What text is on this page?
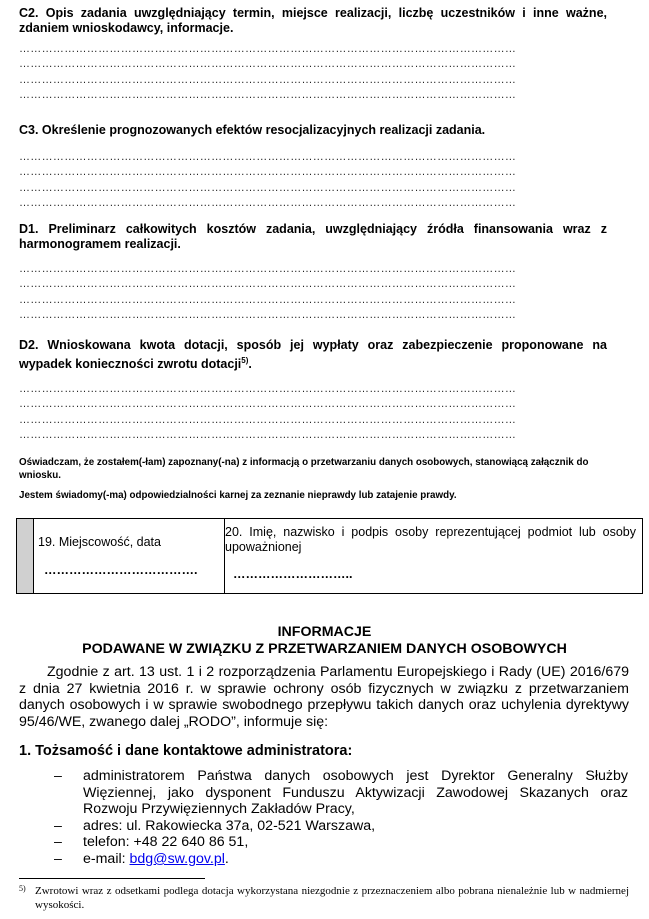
C2. Opis zadania uwzględniający termin, miejsce realizacji, liczbę uczestników i inne ważne, zdaniem wnioskodawcy, informacje.
……………………………………………………………………………………………………………………
……………………………………………………………………………………………………………………
……………………………………………………………………………………………………………………
……………………………………………………………………………………………………………………
C3. Określenie prognozowanych efektów resocjalizacyjnych realizacji zadania.
……………………………………………………………………………………………………………………
……………………………………………………………………………………………………………………
……………………………………………………………………………………………………………………
……………………………………………………………………………………………………………………
D1. Preliminarz całkowitych kosztów zadania, uwzględniający źródła finansowania wraz z harmonogramem realizacji.
……………………………………………………………………………………………………………………
……………………………………………………………………………………………………………………
……………………………………………………………………………………………………………………
……………………………………………………………………………………………………………………
D2. Wnioskowana kwota dotacji, sposób jej wypłaty oraz zabezpieczenie proponowane na wypadek konieczności zwrotu dotacji$^{5)}$.
……………………………………………………………………………………………………………………
……………………………………………………………………………………………………………………
……………………………………………………………………………………………………………………
……………………………………………………………………………………………………………………
Oświadczam, że zostałem(-łam) zapoznany(-na) z informacją o przetwarzaniu danych osobowych, stanowiącą załącznik do wniosku.
Jestem świadomy(-ma) odpowiedzialności karnej za zeznanie nieprawdy lub zatajenie prawdy.

19. Miejscowość, data
……………………………….

20. Imię, nazwisko i podpis osoby reprezentującej podmiot lub osoby upoważnionej
………………………..
INFORMACJE
PODAWANE W ZWIĄZKU Z PRZETWARZANIEM DANYCH OSOBOWYCH
Zgodnie z art. 13 ust. 1 i 2 rozporządzenia Parlamentu Europejskiego i Rady (UE) 2016/679 z dnia 27 kwietnia 2016 r. w sprawie ochrony osób fizycznych w związku z przetwarzaniem danych osobowych i w sprawie swobodnego przepływu takich danych oraz uchylenia dyrektywy 95/46/WE, zwanego dalej „RODO”, informuje się:
1. Tożsamość i dane kontaktowe administratora:
– administratorem Państwa danych osobowych jest Dyrektor Generalny Służby Więziennej, jako dysponent Funduszu Aktywizacji Zawodowej Skazanych oraz Rozwoju Przywięziennych Zakładów Pracy,
– adres: ul. Rakowiecka 37a, 02-521 Warszawa,
– telefon: +48 22 640 86 51,
– e-mail: bdg@sw.gov.pl.
5) Zwrotowi wraz z odsetkami podlega dotacja wykorzystana niezgodnie z przeznaczeniem albo pobrana nienależnie lub w nadmiernej wysokości.
